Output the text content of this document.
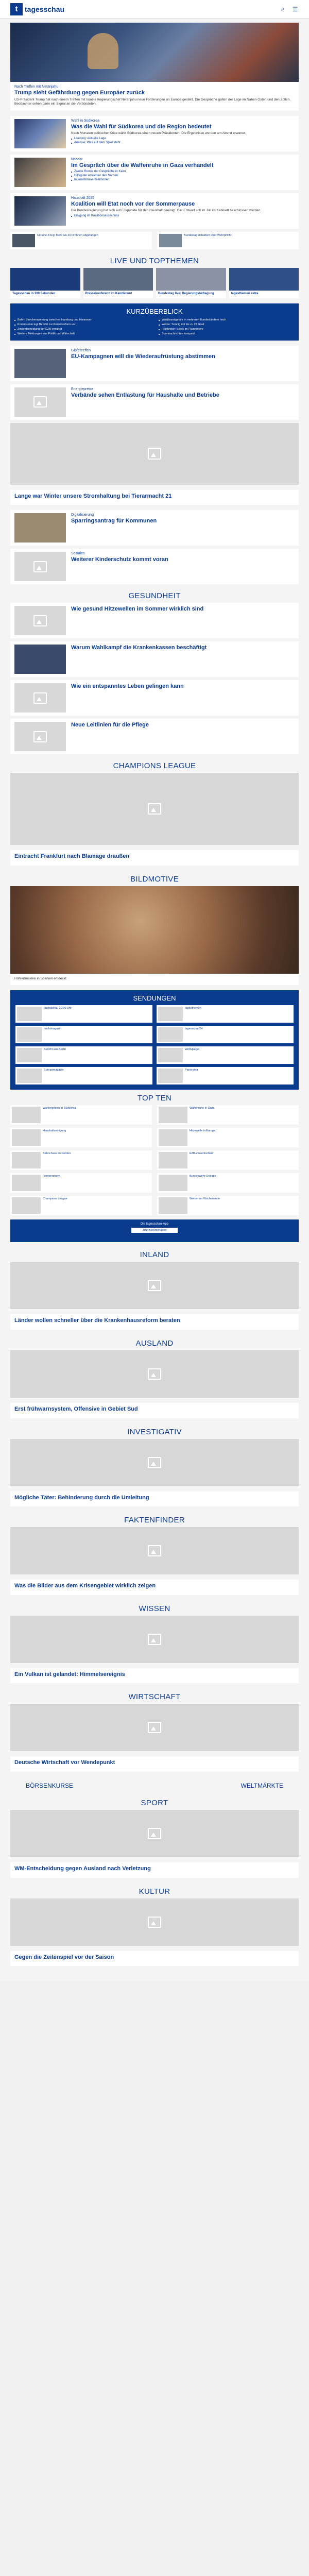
t tagesschau	⌕	☰
Nach Treffen mit Netanjahu
Trump sieht Gefährdung gegen Europäer zurück
US-Präsident Trump hat nach einem Treffen mit Israels Regierungschef Netanjahu neue Forderungen an Europa gestellt. Die Gespräche galten der Lage im Nahen Osten und den Zöllen. Beobachter sehen darin ein Signal an die Verbündeten.
Wahl in Südkorea
Was die Wahl für Südkorea und die Region bedeutet
Nach Monaten politischer Krise wählt Südkorea einen neuen Präsidenten. Die Ergebnisse werden am Abend erwartet.
■ Liveblog: Aktuelle Lage
■ Analyse: Was auf dem Spiel steht
Nahost
Im Gespräch über die Waffenruhe in Gaza verhandelt
■ Zweite Runde der Gespräche in Kairo
■ Hilfsgüter erreichen den Norden
■ Internationale Reaktionen
Haushalt 2025
Koalition will Etat noch vor der Sommerpause
Die Bundesregierung hat sich auf Eckpunkte für den Haushalt geeinigt. Der Entwurf soll im Juli im Kabinett beschlossen werden.
■ Einigung im Koalitionsausschuss
Ukraine-Krieg: Mehr als 40 Drohnen abgefangen	Bundestag debattiert über Wehrpflicht
LIVE UND TOPTHEMEN
Tagesschau in 100 Sekunden	Pressekonferenz im Kanzleramt	Bundestag live: Regierungsbefragung	tagesthemen extra
KURZÜBERBLICK
■ Bahn: Streckensperrung zwischen Hamburg und Hannover	■ Waldbrandgefahr in mehreren Bundesländern hoch
■ Kommission legt Bericht zur Rentenreform vor	■ Wetter: Sonnig mit bis zu 28 Grad
■ Zinsentscheidung der EZB erwartet	■ Frankreich: Streik im Flugverkehr
■ Weitere Meldungen aus Politik und Wirtschaft	■ Sportnachrichten kompakt
Gipfeltreffen
EU-Kampagnen will die Wiederaufrüstung abstimmen
Energiepreise
Verbände sehen Entlastung für Haushalte und Betriebe
Lange war Winter unsere Stromhaltung bei Tierarmacht 21
Digitalisierung
Sparringsantrag für Kommunen
Soziales
Weiterer Kinderschutz kommt voran
GESUNDHEIT
Wie gesund Hitzewellen im Sommer wirklich sind
Warum Wahlkampf die Krankenkassen beschäftigt
Wie ein entspanntes Leben gelingen kann
Neue Leitlinien für die Pflege
CHAMPIONS LEAGUE
Eintracht Frankfurt nach Blamage draußen
BILDMOTIVE
Höhlenmalerei in Spanien entdeckt
SENDUNGEN
tagesschau 20:00 Uhr	tagesthemen
nachtmagazin	tagesschau24
Bericht aus Berlin	Weltspiegel
Europamagazin	Panorama
TOP TEN
Wahlergebnis in Südkorea	Waffenruhe in Gaza
Haushaltseinigung	Hitzewelle in Europa
Bahnchaos im Norden	EZB-Zinsentscheid
Rentenreform	Bundeswehr-Debatte
Champions League	Wetter am Wochenende
Die tagesschau-App
Jetzt herunterladen
INLAND
Länder wollen schneller über die Krankenhausreform beraten
AUSLAND
Erst frühwarnsystem, Offensive in Gebiet Sud
INVESTIGATIV
Mögliche Täter: Behinderung durch die Umleitung
FAKTENFINDER
Was die Bilder aus dem Krisengebiet wirklich zeigen
WISSEN
Ein Vulkan ist gelandet: Himmelsereignis
WIRTSCHAFT
Deutsche Wirtschaft vor Wendepunkt
BÖRSENKURSE	WELTMÄRKTE
SPORT
WM-Entscheidung gegen Ausland nach Verletzung
KULTUR
Gegen die Zeitenspiel vor der Saison
